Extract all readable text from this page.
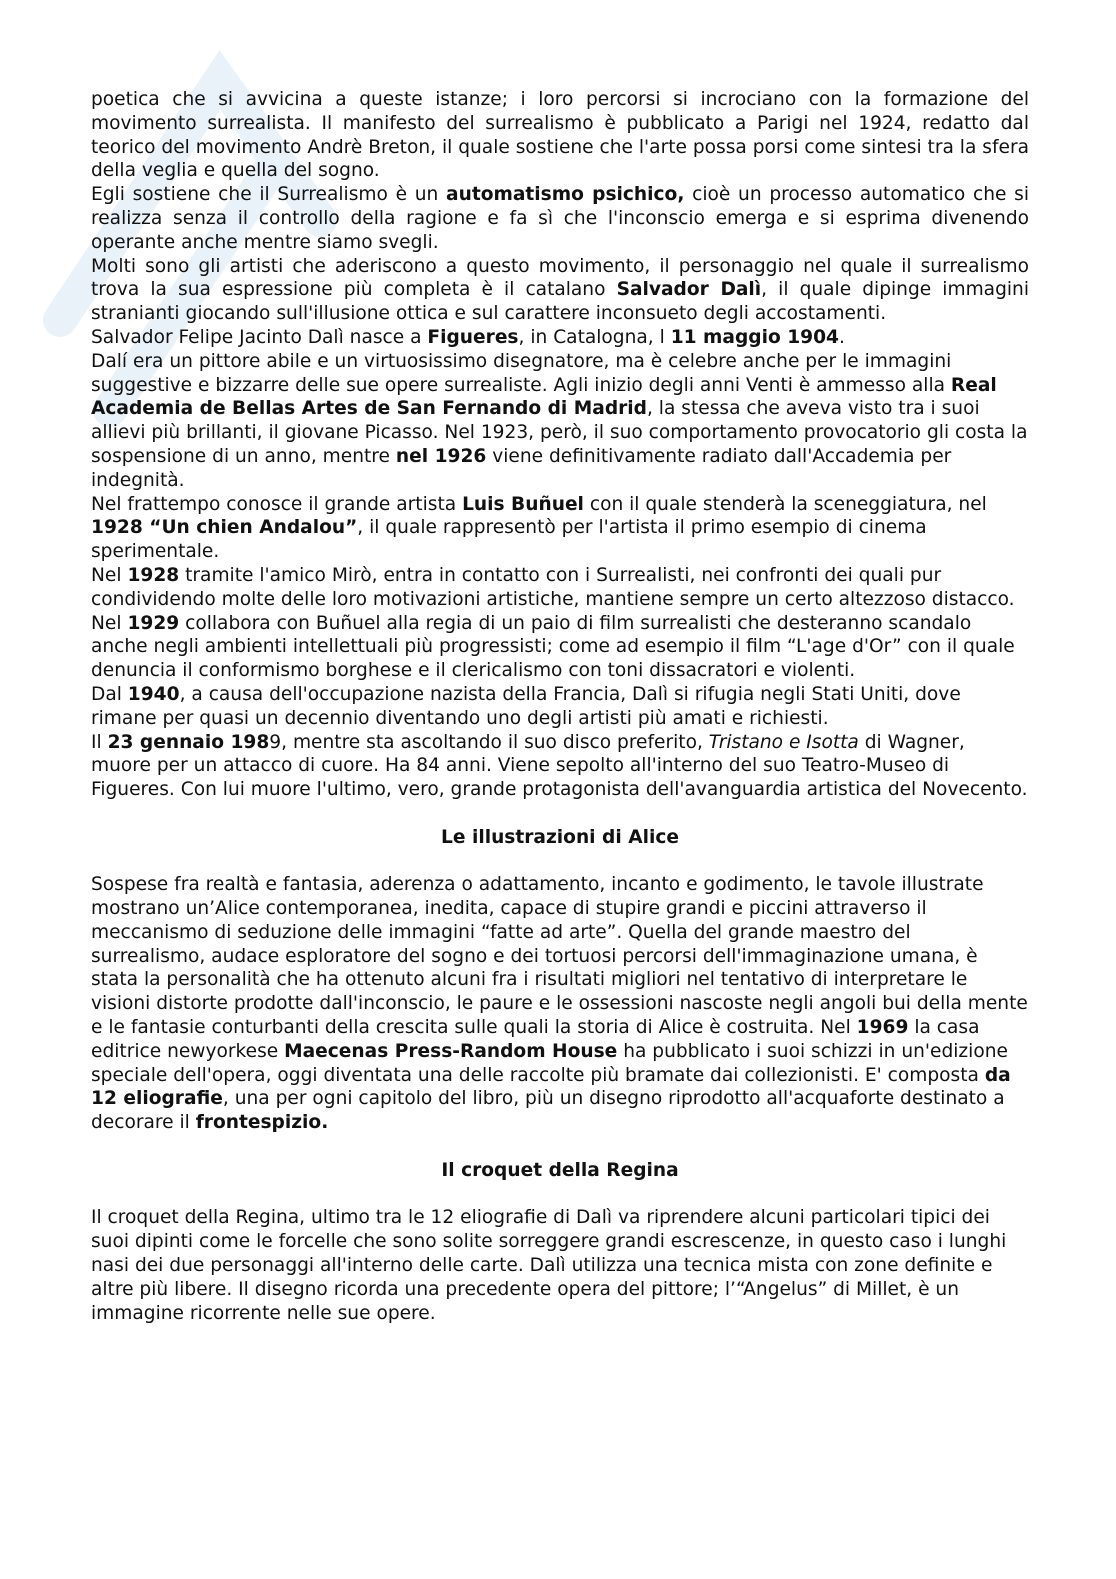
poetica che si avvicina a queste istanze; i loro percorsi si incrociano con la formazione del movimento surrealista. Il manifesto del surrealismo è pubblicato a Parigi nel 1924, redatto dal teorico del movimento Andrè Breton, il quale sostiene che l'arte possa porsi come sintesi tra la sfera della veglia e quella del sogno.

Egli sostiene che il Surrealismo è un automatismo psichico, cioè un processo automatico che si realizza senza il controllo della ragione e fa sì che l'inconscio emerga e si esprima divenendo operante anche mentre siamo svegli.

Molti sono gli artisti che aderiscono a questo movimento, il personaggio nel quale il surrealismo trova la sua espressione più completa è il catalano Salvador Dalì, il quale dipinge immagini stranianti giocando sull'illusione ottica e sul carattere inconsueto degli accostamenti.

Salvador Felipe Jacinto Dalì nasce a Figueres, in Catalogna, l 11 maggio 1904.

Dalí era un pittore abile e un virtuosissimo disegnatore, ma è celebre anche per le immagini suggestive e bizzarre delle sue opere surrealiste. Agli inizio degli anni Venti è ammesso alla Real Academia de Bellas Artes de San Fernando di Madrid, la stessa che aveva visto tra i suoi allievi più brillanti, il giovane Picasso. Nel 1923, però, il suo comportamento provocatorio gli costa la sospensione di un anno, mentre nel 1926 viene definitivamente radiato dall'Accademia per indegnità.

Nel frattempo conosce il grande artista Luis Buñuel con il quale stenderà la sceneggiatura, nel 1928 “Un chien Andalou”, il quale rappresentò per l'artista il primo esempio di cinema sperimentale.

Nel 1928 tramite l'amico Mirò, entra in contatto con i Surrealisti, nei confronti dei quali pur condividendo molte delle loro motivazioni artistiche, mantiene sempre un certo altezzoso distacco.

Nel 1929 collabora con Buñuel alla regia di un paio di film surrealisti che desteranno scandalo anche negli ambienti intellettuali più progressisti; come ad esempio il film “L'age d'Or” con il quale denuncia il conformismo borghese e il clericalismo con toni dissacratori e violenti.

Dal 1940, a causa dell'occupazione nazista della Francia, Dalì si rifugia negli Stati Uniti, dove rimane per quasi un decennio diventando uno degli artisti più amati e richiesti.

Il 23 gennaio 1989, mentre sta ascoltando il suo disco preferito, Tristano e Isotta di Wagner, muore per un attacco di cuore. Ha 84 anni. Viene sepolto all'interno del suo Teatro-Museo di Figueres. Con lui muore l'ultimo, vero, grande protagonista dell'avanguardia artistica del Novecento.

Le illustrazioni di Alice

Sospese fra realtà e fantasia, aderenza o adattamento, incanto e godimento, le tavole illustrate mostrano un’Alice contemporanea, inedita, capace di stupire grandi e piccini attraverso il meccanismo di seduzione delle immagini “fatte ad arte”. Quella del grande maestro del surrealismo, audace esploratore del sogno e dei tortuosi percorsi dell'immaginazione umana, è stata la personalità che ha ottenuto alcuni fra i risultati migliori nel tentativo di interpretare le visioni distorte prodotte dall'inconscio, le paure e le ossessioni nascoste negli angoli bui della mente e le fantasie conturbanti della crescita sulle quali la storia di Alice è costruita. Nel 1969 la casa editrice newyorkese Maecenas Press-Random House ha pubblicato i suoi schizzi in un'edizione speciale dell'opera, oggi diventata una delle raccolte più bramate dai collezionisti. E' composta da 12 eliografie, una per ogni capitolo del libro, più un disegno riprodotto all'acquaforte destinato a decorare il frontespizio.

Il croquet della Regina

Il croquet della Regina, ultimo tra le 12 eliografie di Dalì va riprendere alcuni particolari tipici dei suoi dipinti come le forcelle che sono solite sorreggere grandi escrescenze, in questo caso i lunghi nasi dei due personaggi all'interno delle carte. Dalì utilizza una tecnica mista con zone definite e altre più libere. Il disegno ricorda una precedente opera del pittore; l’“Angelus” di Millet, è un immagine ricorrente nelle sue opere.
